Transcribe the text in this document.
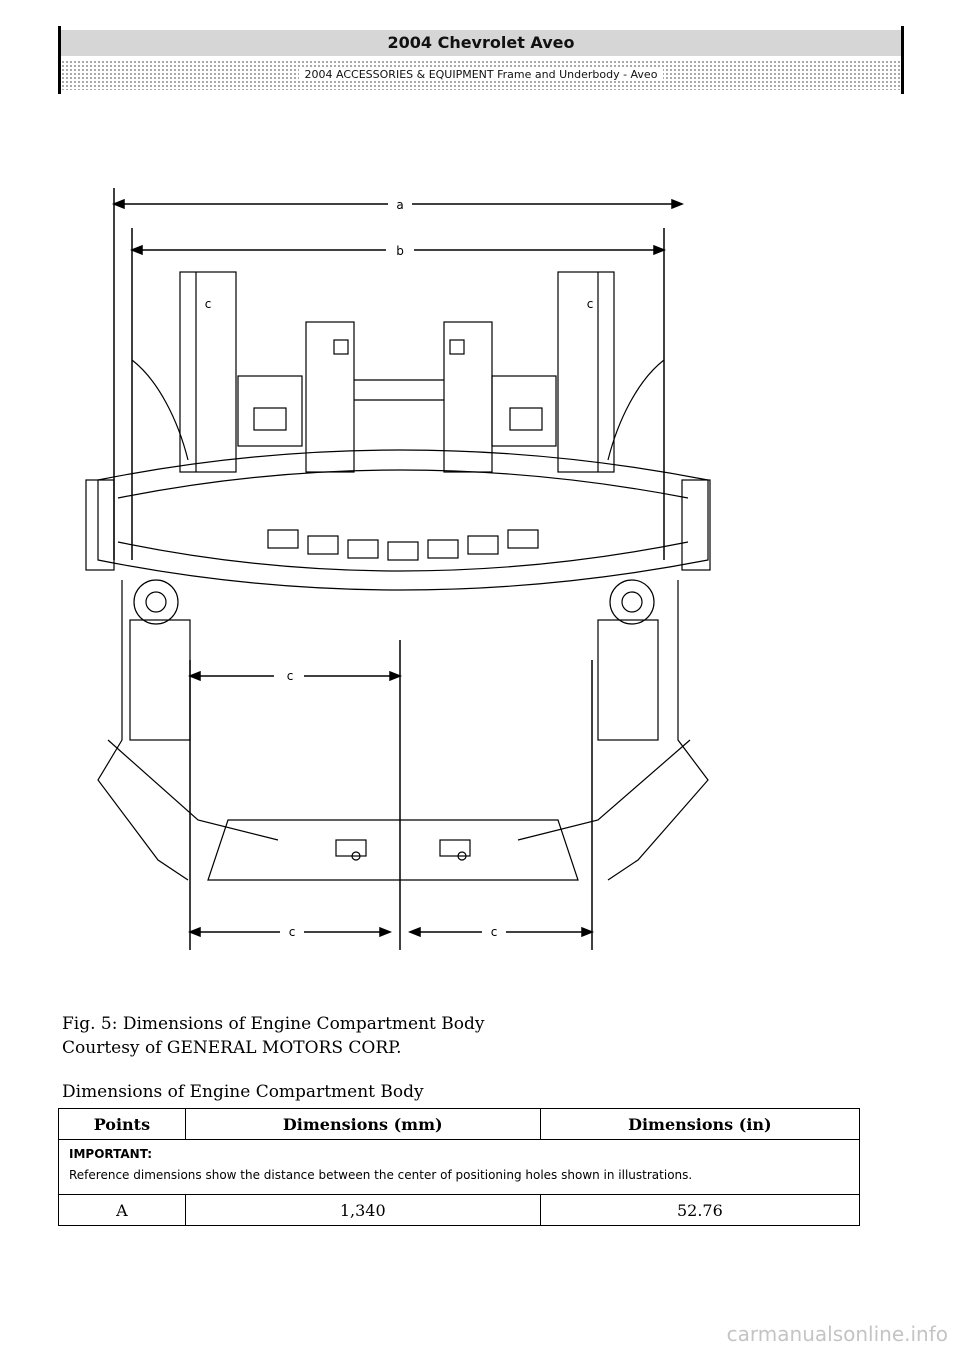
2004 Chevrolet Aveo
2004 ACCESSORIES & EQUIPMENT Frame and Underbody - Aveo
a
b
c	c
c
c	c
Fig. 5: Dimensions of Engine Compartment Body
Courtesy of GENERAL MOTORS CORP.
Dimensions of Engine Compartment Body
Points	Dimensions (mm)	Dimensions (in)

IMPORTANT:
Reference dimensions show the distance between the center of positioning holes shown in illustrations.		

A	1,340	52.76
carmanualsonline.info
